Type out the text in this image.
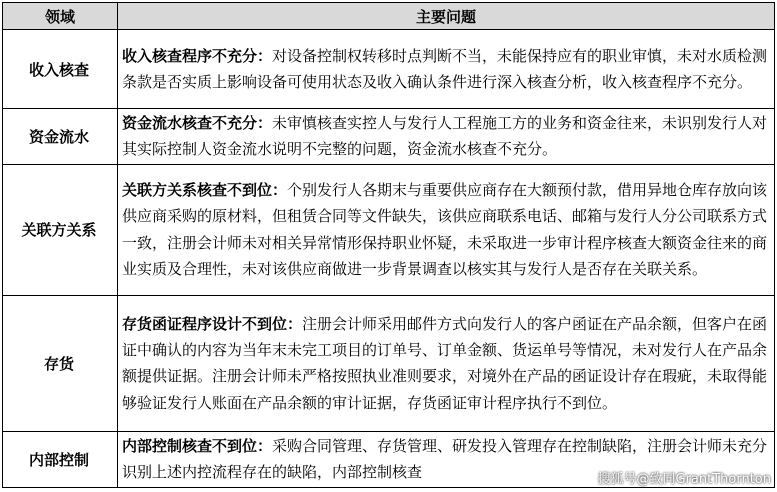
领域	主要问题
收入核查	收入核查程序不充分：对设备控制权转移时点判断不当，未能保持应有的职业审慎，未对水质检测条款是否实质上影响设备可使用状态及收入确认条件进行深入核查分析，收入核查程序不充分。
资金流水	资金流水核查不充分：未审慎核查实控人与发行人工程施工方的业务和资金往来，未识别发行人对其实际控制人资金流水说明不完整的问题，资金流水核查不充分。
关联方关系	关联方关系核查不到位：个别发行人各期末与重要供应商存在大额预付款，借用异地仓库存放向该供应商采购的原材料，但租赁合同等文件缺失，该供应商联系电话、邮箱与发行人分公司联系方式一致，注册会计师未对相关异常情形保持职业怀疑，未采取进一步审计程序核查大额资金往来的商业实质及合理性，未对该供应商做进一步背景调查以核实其与发行人是否存在关联关系。
存货	存货函证程序设计不到位：注册会计师采用邮件方式向发行人的客户函证在产品余额，但客户在函证中确认的内容为当年末未完工项目的订单号、订单金额、货运单号等情况，未对发行人在产品余额提供证据。注册会计师未严格按照执业准则要求，对境外在产品的函证设计存在瑕疵，未取得能够验证发行人账面在产品余额的审计证据，存货函证审计程序执行不到位。
内部控制	内部控制核查不到位：采购合同管理、存货管理、研发投入管理存在控制缺陷，注册会计师未充分识别上述内控流程存在的缺陷，内部控制核查	搜狐号@致同GrantThornton
